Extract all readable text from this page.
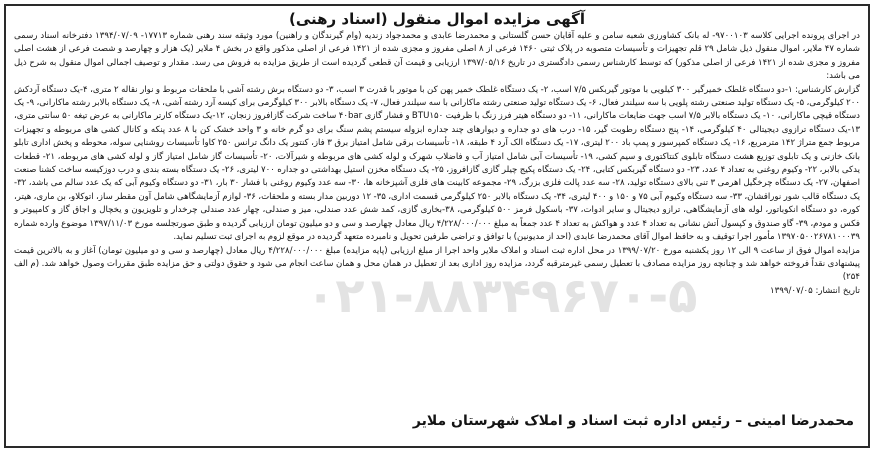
۰۲۱-۸۸۳۴۹۶۷۰-۵
آگهی مزایده اموال منقول (اسناد رهنی)

در اجرای پرونده اجرایی کلاسه ۹۷۰۰۱۰۳- له بانک کشاورزی شعبه سامن و علیه آقایان حسن گلستانی و محمدرضا عابدی و محمدجواد زندیه (وام گیرندگان و راهنین) مورد وثیقه سند رهنی شماره ۱۷۷۱۳- ۱۳۹۴/۰۷/۰۹ دفترخانه اسناد رسمی شماره ۴۷ ملایر، اموال منقول ذیل شامل ۲۹ قلم تجهیزات و تأسیسات متصوبه در پلاک ثبتی ۱۴۶۰ فرعی از ۸ اصلی مفروز و مجزی شده از ۱۴۲۱ فرعی از اصلی مذکور واقع در بخش ۴ ملایر (یک هزار و چهارصد و شصت فرعی از هشت اصلی مفروز و مجزی شده از ۱۴۲۱ فرعی از اصلی مذکور) که توسط کارشناس رسمی دادگستری در تاریخ ۱۳۹۷/۰۵/۱۶ ارزیابی و قیمت آن قطعی گردیده است از طریق مزایده به فروش می رسد. مقدار و توصیف اجمالی اموال منقول به شرح ذیل می باشد:

گزارش کارشناس: ۱-دو دستگاه غلطک خمیرگیر ۳۰۰ کیلویی با موتور گیربکس ۷/۵ اسب، ۲- یک دستگاه غلطک خمیر پهن کن با موتور با قدرت ۳ اسب، ۳- دو دستگاه برش رشته آشی با ملحقات مربوط و نوار نقاله ۲ متری، ۴-یک دستگاه آردکش ۲۰۰ کیلوگرمی، ۵- یک دستگاه تولید صنعتی رشته پلویی با سه سیلندر فعال، ۶- یک دستگاه تولید صنعتی رشته ماکارانی با سه سیلندر فعال، ۷- یک دستگاه بالابر ۳۰۰ کیلوگرمی برای کیسه آرد رشته آشی، ۸- یک دستگاه بالابر رشته ماکارانی، ۹- یک دستگاه قیچی ماکارانی، ۱۰- یک دستگاه بالابر ۷/۵ اسب جهت ضایعات ماکارانی، ۱۱- دو دستگاه هیتر فرز زنگ با ظرفیت BTU۱۵۰ و فشار گازی ۴۰bar ساخت شرکت گازافروز زنجان، ۱۲-یک دستگاه کارتر ماکارانی به عرض تیغه ۵۰ سانتی متری، ۱۳-یک دستگاه ترازوی دیجیتالی ۴۰ کیلوگرمی، ۱۴- پنج دستگاه رطوبت گیر، ۱۵- درب های دو جداره و دیوارهای چند جداره ابزوله سیستم پشم سنگ برای دو گرم خانه و ۳ واحد خشک کن با ۸ عدد پنکه و کانال کشی های مربوطه و تجهیزات مربوط جمع متراژ ۱۴۲ مترمربع، ۱۶- یک دستگاه کمپرسور و پمپ باد ۲۰۰ لیتری، ۱۷- یک دستگاه الک آرد ۴ طبقه، ۱۸- تأسیسات برقی شامل امتیاز برق ۳ فاز، کنتور یک دانگ ترانس ۲۵۰ کاوا تأسیسات روشنایی سوله، محوطه و پخش اداری تابلو بانک خازنی و یک تابلوی توزیع هشت دستگاه تابلوی کنتاکتوری و سیم کشی، ۱۹- تأسیسات آبی شامل امتیاز آب و فاضلاب شهرک و لوله کشی های مربوطه و شیرآلات، ۲۰- تأسیسات گاز شامل امتیاز گاز و لوله کشی های مربوطه، ۲۱- قطعات یدکی بالابر، ۲۲- وکیوم روغنی به تعداد ۴ عدد، ۲۳- دو دستگاه گیربکس کتابی، ۲۴- یک دستگاه پکیج چیلر گازی گازافروز، ۲۵- یک دستگاه مخزن استیل بهداشتی دو جداره ۷۰۰ لیتری، ۲۶- یک دستگاه بسته بندی و درب دوزکیسه ساخت کشنا صنعت اصفهان، ۲۷- یک دستگاه چرخگیل اهرمی ۳ تنی بالای دستگاه تولید، ۲۸- سه عدد پالت فلزی بزرگ، ۲۹- مجموعه کابینت های فلزی آشپزخانه ها، ۳۰- سه عدد وکیوم روغنی با فشار ۳۰ بار، ۳۱- دو دستگاه وکیوم آبی که یک عدد سالم می باشد، ۳۲- یک دستگاه قالب شور نوراقشان، ۳۳- سه دستگاه وکیوم آبی ۷۵ و ۱۵۰ و ۴۰۰ لیتری، ۳۴- یک دستگاه بالابر ۲۵۰ کیلوگرمی قسمت اداری، ۳۵- ۱۲ دوربین مدار بسته و ملحقات، ۳۶- لوازم آزمایشگاهی شامل آون مقطر ساز، اتوکلاو، بن ماری، هیتر، کوره، دو دستگاه انکوباتور، لوله های آزمایشگاهی، ترازو دیجیتال و سایر ادوات، ۳۷- باسکول فرمز ۵۰۰ کیلوگرمی، ۳۸-بخاری گازی، کمد شش عدد صندلی، میز و صندلی، چهار عدد صندلی چرخدار و تلویزیون و یخچال و اجاق گاز و کامپیوتر و فکس و مودم، ۳۹- گاو صندوق و کپسول آتش نشانی به تعداد ۴ عدد و هواکش به تعداد ۴ عدد جمعاً به مبلغ ۴/۲۲۸/۰۰۰/۰۰۰ ریال معادل چهارصد و سی و دو میلیون تومان ارزیابی گردیده و طبق صورتجلسه مورخ ۱۳۹۷/۱۱/۰۳ موضوع وارده شماره ۱۳۹۷۰۵۰۰۲۶۷۸۱۰۰۰۳۹ مأمور اجرا توقیف و به حافظ اموال آقای محمدرضا عابدی (احد از مدیونین) با توافق و تراضی طرفین تحویل و نامبرده متعهد گردیده در موقع لزوم به اجرای ثبت تسلیم نماید.

مزایده اموال فوق از ساعت ۹ الی ۱۲ روز یکشنبه مورخ ۱۳۹۹/۰۷/۲۰ در محل اداره ثبت اسناد و املاک ملایر واحد اجرا از مبلغ ارزیابی (پایه مزایده) مبلغ ۴/۲۲۸/۰۰۰/۰۰۰ ریال معادل (چهارصد و سی و دو میلیون تومان) آغاز و به بالاترین قیمت پیشنهادی نقداً فروخته خواهد شد و چنانچه روز مزایده مصادف با تعطیل رسمی غیرمترقبه گردد، مزایده روز اداری بعد از تعطیل در همان محل و همان ساعت انجام می شود و حقوق دولتی و حق مزایده طبق مقررات وصول خواهد شد. (م الف ۲۵۴)

تاریخ انتشار: ۱۳۹۹/۰۷/۰۵
محمدرضا امینی – رئیس اداره ثبت اسناد و املاک شهرستان ملایر
